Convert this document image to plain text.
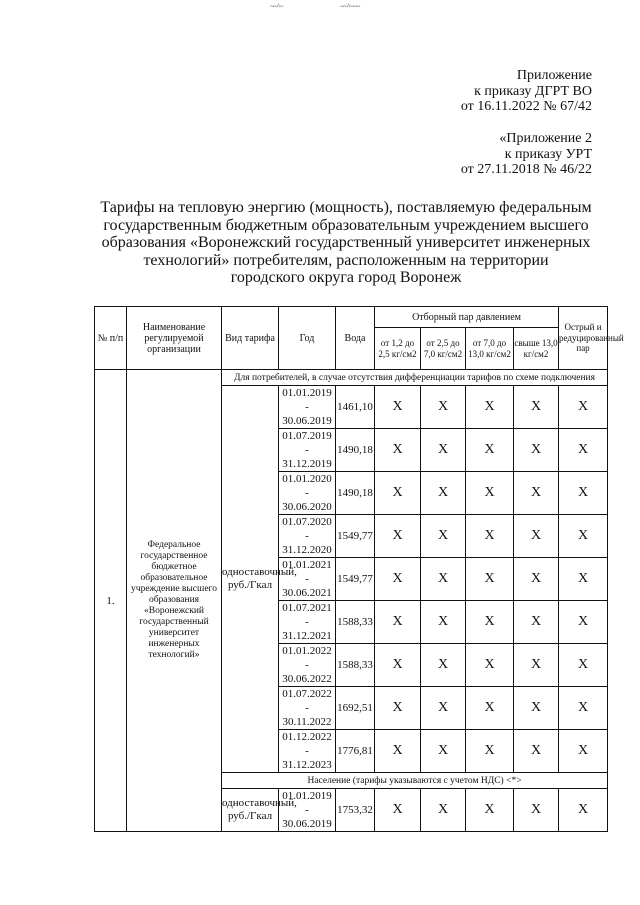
~~^~	~~^~~~
Приложение
к приказу ДГРТ ВО
от 16.11.2022 № 67/42
«Приложение 2
к приказу УРТ
от 27.11.2018 № 46/22
Тарифы на тепловую энергию (мощность), поставляемую федеральным
государственным бюджетным образовательным учреждением высшего
образования «Воронежский государственный университет инженерных
технологий» потребителям, расположенным на территории
городского округа город Воронеж
№ п/п	Наименование регулируемой организации	Вид тарифа	Год	Вода	Отборный пар давлением				Острый и редуцированный пар
					от 1,2 до 2,5 кг/см2	от 2,5 до 7,0 кг/см2	от 7,0 до 13,0 кг/см2	свыше 13,0 кг/см2	
1.	Федеральное государственное бюджетное образовательное учреждение высшего образования «Воронежский государственный университет инженерных технологий»	Для потребителей, в случае отсутствия дифференциации тарифов по схеме подключения							
		одноставочный, руб./Гкал	01.01.2019
-
30.06.2019	1461,10	X	X	X	X	X

			01.07.2019
-
31.12.2019	1490,18	X	X	X	X	X

			01.01.2020
-
30.06.2020	1490,18	X	X	X	X	X

			01.07.2020
-
31.12.2020	1549,77	X	X	X	X	X

			01.01.2021
-
30.06.2021	1549,77	X	X	X	X	X

			01.07.2021
-
31.12.2021	1588,33	X	X	X	X	X

			01.01.2022
-
30.06.2022	1588,33	X	X	X	X	X

			01.07.2022
-
30.11.2022	1692,51	X	X	X	X	X

			01.12.2022
-
31.12.2023	1776,81	X	X	X	X	X
		Население (тарифы указываются с учетом НДС) <*>							
		одноставочный, руб./Гкал	01.01.2019
-
30.06.2019	1753,32	X	X	X	X	X
